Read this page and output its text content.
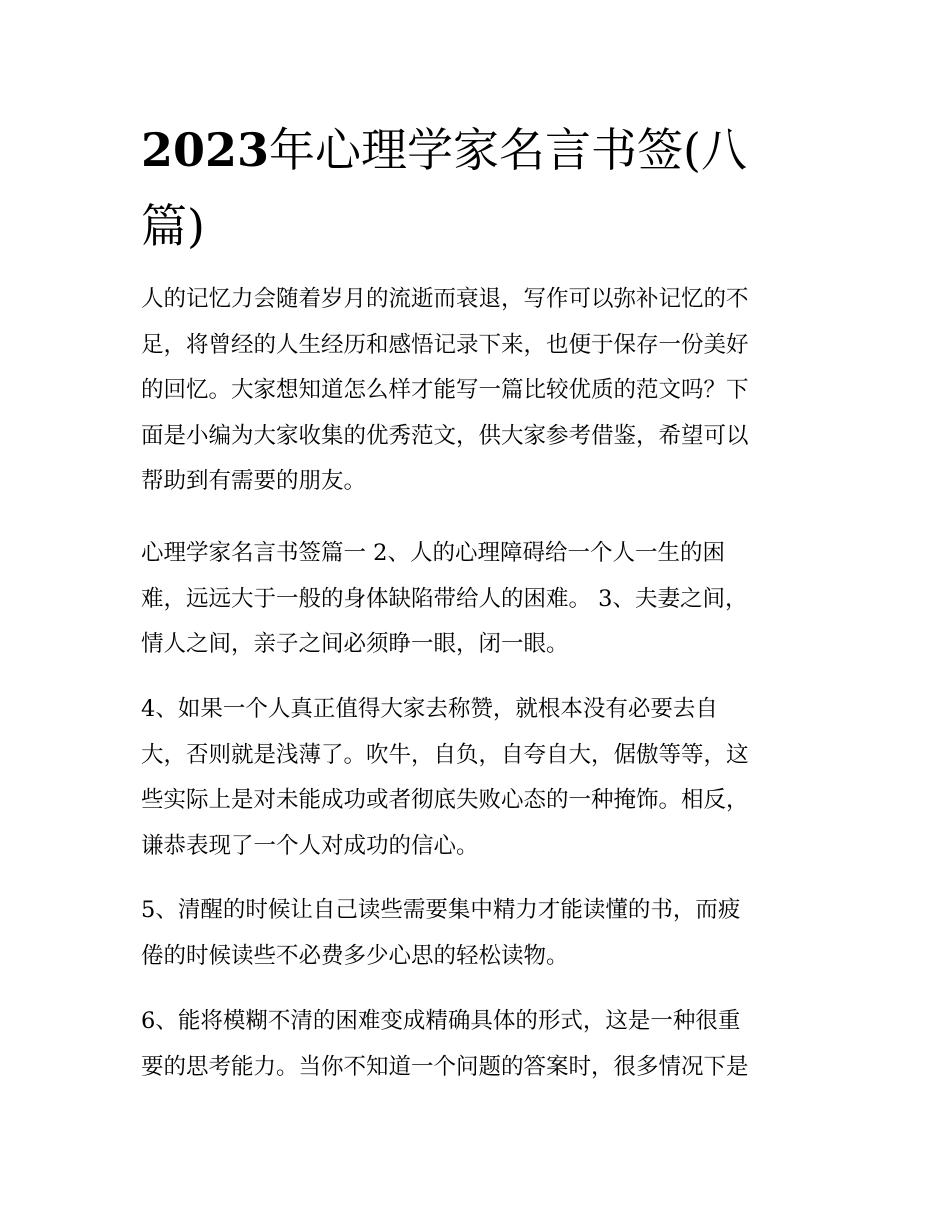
2023年心理学家名言书签(八
篇)

人的记忆力会随着岁月的流逝而衰退，写作可以弥补记忆的不
足，将曾经的人生经历和感悟记录下来，也便于保存一份美好
的回忆。大家想知道怎么样才能写一篇比较优质的范文吗？下
面是小编为大家收集的优秀范文，供大家参考借鉴，希望可以
帮助到有需要的朋友。

心理学家名言书签篇一 2、人的心理障碍给一个人一生的困
难，远远大于一般的身体缺陷带给人的困难。 3、夫妻之间，
情人之间，亲子之间必须睁一眼，闭一眼。

4、如果一个人真正值得大家去称赞，就根本没有必要去自
大，否则就是浅薄了。吹牛，自负，自夸自大，倨傲等等，这
些实际上是对未能成功或者彻底失败心态的一种掩饰。相反，
谦恭表现了一个人对成功的信心。

5、清醒的时候让自己读些需要集中精力才能读懂的书，而疲
倦的时候读些不必费多少心思的轻松读物。

6、能将模糊不清的困难变成精确具体的形式，这是一种很重
要的思考能力。当你不知道一个问题的答案时，很多情况下是
